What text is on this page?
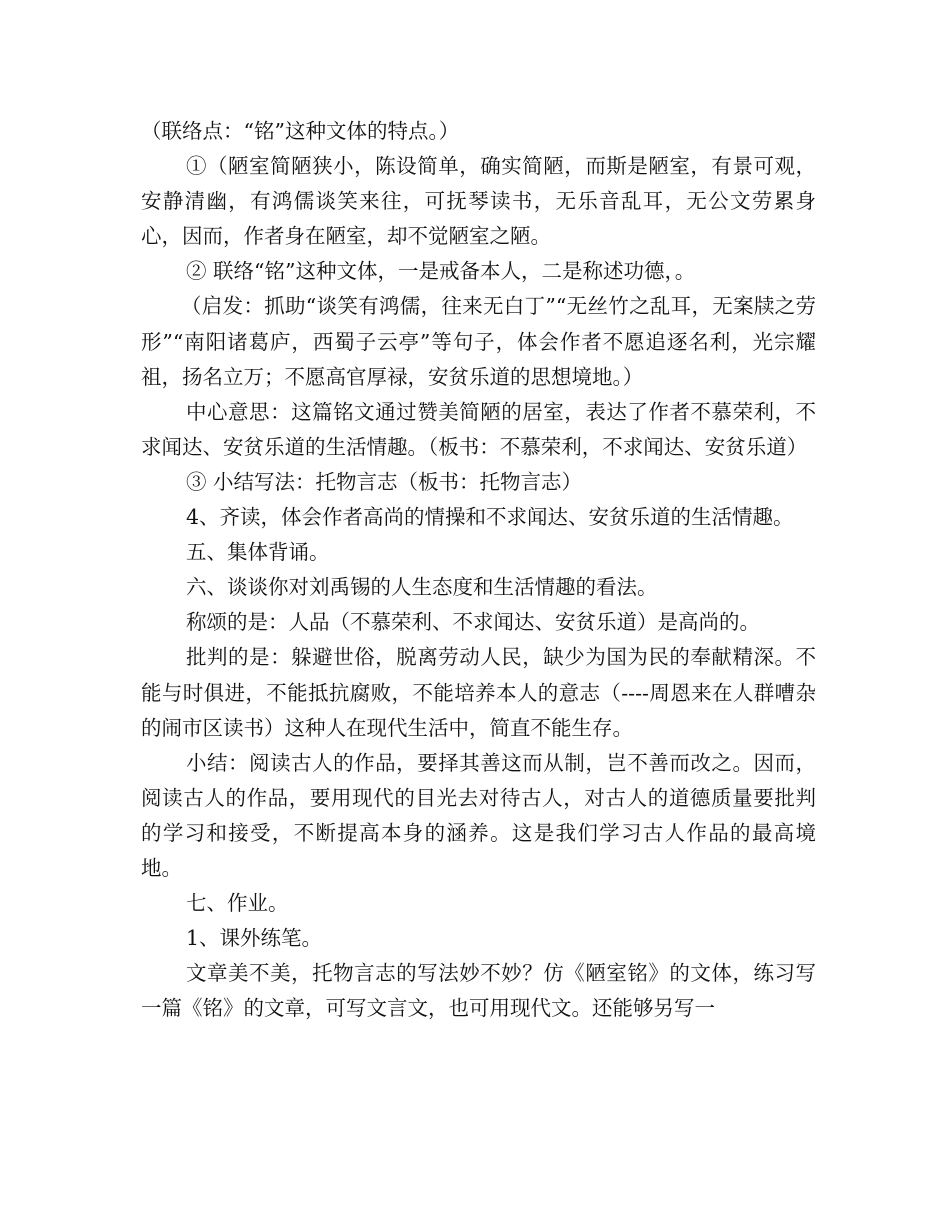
（联络点：“铭”这种文体的特点。）

①（陋室简陋狭小，陈设简单，确实简陋，而斯是陋室，有景可观，安静清幽，有鸿儒谈笑来往，可抚琴读书，无乐音乱耳，无公文劳累身心，因而，作者身在陋室，却不觉陋室之陋。

② 联络“铭”这种文体，一是戒备本人，二是称述功德，。

（启发：抓助“谈笑有鸿儒，往来无白丁”“无丝竹之乱耳，无案牍之劳形”“南阳诸葛庐，西蜀子云亭”等句子，体会作者不愿追逐名利，光宗耀祖，扬名立万；不愿高官厚禄，安贫乐道的思想境地。）

中心意思：这篇铭文通过赞美简陋的居室，表达了作者不慕荣利，不求闻达、安贫乐道的生活情趣。（板书：不慕荣利，不求闻达、安贫乐道）

③ 小结写法：托物言志（板书：托物言志）

4、齐读，体会作者高尚的情操和不求闻达、安贫乐道的生活情趣。

五、集体背诵。

六、谈谈你对刘禹锡的人生态度和生活情趣的看法。

称颂的是：人品（不慕荣利、不求闻达、安贫乐道）是高尚的。

批判的是：躲避世俗，脱离劳动人民，缺少为国为民的奉献精深。不能与时俱进，不能抵抗腐败，不能培养本人的意志（----周恩来在人群嘈杂的闹市区读书）这种人在现代生活中，简直不能生存。

小结：阅读古人的作品，要择其善这而从制，岂不善而改之。因而，阅读古人的作品，要用现代的目光去对待古人，对古人的道德质量要批判的学习和接受，不断提高本身的涵养。这是我们学习古人作品的最高境地。

七、作业。

1、课外练笔。

文章美不美，托物言志的写法妙不妙？仿《陋室铭》的文体，练习写一篇《铭》的文章，可写文言文，也可用现代文。还能够另写一
